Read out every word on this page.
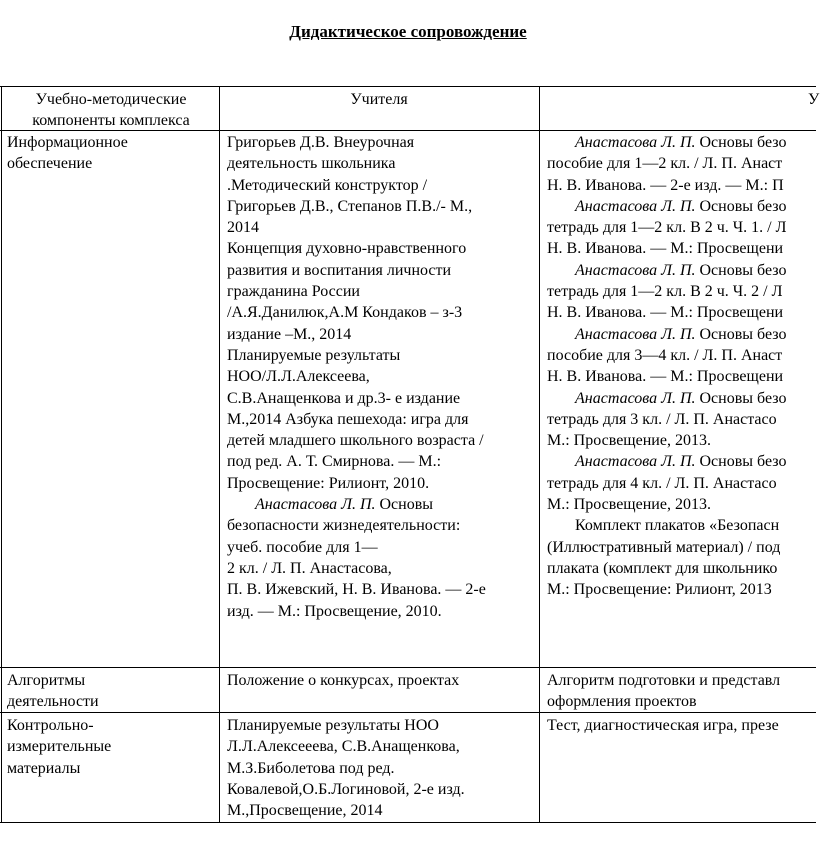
Дидактическое сопровождение
Учебно-методические
компоненты комплекса
Учителя	У
Информационное
обеспечение
Григорьев Д.В. Внеурочная
деятельность школьника
.Методический конструктор /
Григорьев Д.В., Степанов П.В./- М.,
2014
Концепция духовно-нравственного
развития и воспитания личности
гражданина России
/А.Я.Данилюк,А.М Кондаков – з-3
издание –М., 2014
Планируемые результаты
НОО/Л.Л.Алексеева,
С.В.Анащенкова и др.3- е издание
М.,2014 Азбука пешехода: игра для
детей младшего школьного возраста /
под ред. А. Т. Смирнова. — М.:
Просвещение: Рилионт, 2010.
Анастасова Л. П. Основы
безопасности жизнедеятельности:
учеб. пособие для 1—
2 кл. / Л. П. Анастасова,
П. В. Ижевский, Н. В. Иванова. — 2-е
изд. — М.: Просвещение, 2010.
Анастасова Л. П. Основы безо
пособие для 1—2 кл. / Л. П. Анаст
Н. В. Иванова. — 2-е изд. — М.: П
Анастасова Л. П. Основы безо
тетрадь для 1—2 кл. В 2 ч. Ч. 1. / Л
Н. В. Иванова. — М.: Просвещени
Анастасова Л. П. Основы безо
тетрадь для 1—2 кл. В 2 ч. Ч. 2 / Л
Н. В. Иванова. — М.: Просвещени
Анастасова Л. П. Основы безо
пособие для 3—4 кл. / Л. П. Анаст
Н. В. Иванова. — М.: Просвещени
Анастасова Л. П. Основы безо
тетрадь для 3 кл. / Л. П. Анастасо
М.: Просвещение, 2013.
Анастасова Л. П. Основы безо
тетрадь для 4 кл. / Л. П. Анастасо
М.: Просвещение, 2013.
Комплект плакатов «Безопасн
(Иллюстративный материал) / под
плаката (комплект для школьнико
М.: Просвещение: Рилионт, 2013
Алгоритмы
деятельности
Положение о конкурсах, проектах	Алгоритм подготовки и представл
оформления проектов
Контрольно-
измерительные
материалы
Планируемые результаты НОО
Л.Л.Алексееева, С.В.Анащенкова,
М.З.Биболетова под ред.
Ковалевой,О.Б.Логиновой, 2-е изд.
М.,Просвещение, 2014
Тест, диагностическая игра, презе
